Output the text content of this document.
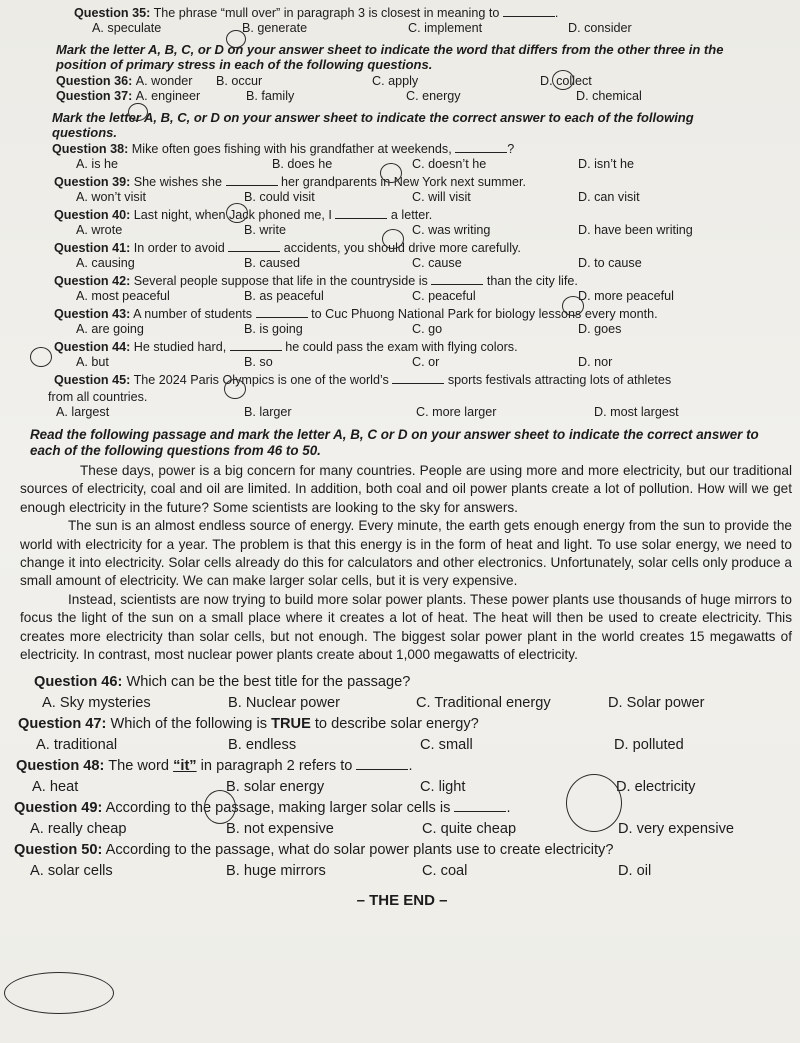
Question 35: The phrase “mull over” in paragraph 3 is closest in meaning to	.
A. speculate	B. generate	C. implement	D. consider
Mark the letter A, B, C, or D on your answer sheet to indicate the word that differs from the other three in the position of primary stress in each of the following questions.
Question 36: A. wonder	B. occur	C. apply	D. collect
Question 37: A. engineer	B. family	C. energy	D. chemical
Mark the letter A, B, C, or D on your answer sheet to indicate the correct answer to each of the following questions.
Question 38: Mike often goes fishing with his grandfather at weekends,	?
A. is he	B. does he	C. doesn’t he	D. isn’t he
Question 39: She wishes she	her grandparents in New York next summer.
A. won’t visit	B. could visit	C. will visit	D. can visit
Question 40: Last night, when Jack phoned me, I	a letter.
A. wrote	B. write	C. was writing	D. have been writing
Question 41: In order to avoid	accidents, you should drive more carefully.
A. causing	B. caused	C. cause	D. to cause
Question 42: Several people suppose that life in the countryside is	than the city life.
A. most peaceful	B. as peaceful	C. peaceful	D. more peaceful
Question 43: A number of students	to Cuc Phuong National Park for biology lessons every month.
A. are going	B. is going	C. go	D. goes
Question 44: He studied hard,	he could pass the exam with flying colors.
A. but	B. so	C. or	D. nor
Question 45: The 2024 Paris Olympics is one of the world’s	sports festivals attracting lots of athletes
from all countries.
A. largest	B. larger	C. more larger	D. most largest
Read the following passage and mark the letter A, B, C or D on your answer sheet to indicate the correct answer to each of the following questions from 46 to 50.

These days, power is a big concern for many countries. People are using more and more electricity, but our traditional sources of electricity, coal and oil are limited. In addition, both coal and oil power plants create a lot of pollution. How will we get enough electricity in the future? Some scientists are looking to the sky for answers.

The sun is an almost endless source of energy. Every minute, the earth gets enough energy from the sun to provide the world with electricity for a year. The problem is that this energy is in the form of heat and light. To use solar energy, we need to change it into electricity. Solar cells already do this for calculators and other electronics. Unfortunately, solar cells only produce a small amount of electricity. We can make larger solar cells, but it is very expensive.

Instead, scientists are now trying to build more solar power plants. These power plants use thousands of huge mirrors to focus the light of the sun on a small place where it creates a lot of heat. The heat will then be used to create electricity. This creates more electricity than solar cells, but not enough. The biggest solar power plant in the world creates 15 megawatts of electricity. In contrast, most nuclear power plants create about 1,000 megawatts of electricity.

Question 46: Which can be the best title for the passage?
A. Sky mysteries	B. Nuclear power	C. Traditional energy	D. Solar power
Question 47: Which of the following is TRUE to describe solar energy?
A. traditional	B. endless	C. small	D. polluted
Question 48: The word “it” in paragraph 2 refers to	.
A. heat	B. solar energy	C. light	D. electricity
Question 49: According to the passage, making larger solar cells is	.
A. really cheap	B. not expensive	C. quite cheap	D. very expensive
Question 50: According to the passage, what do solar power plants use to create electricity?
A. solar cells	B. huge mirrors	C. coal	D. oil
– THE END –
